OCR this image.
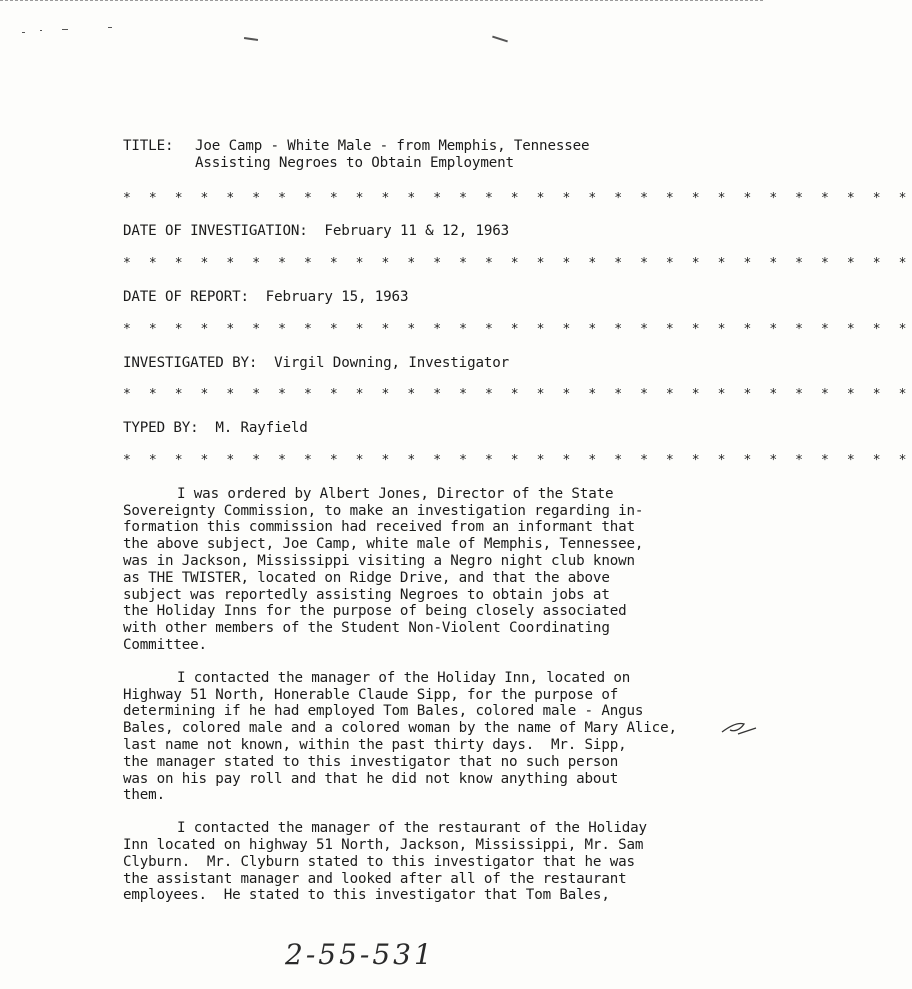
TITLE:	Joe Camp - White Male - from Memphis, Tennessee
Assisting Negroes to Obtain Employment
* * * * * * * * * * * * * * * * * * * * * * * * * * * * * * *
DATE OF INVESTIGATION: February 11 & 12, 1963
* * * * * * * * * * * * * * * * * * * * * * * * * * * * * * *
DATE OF REPORT: February 15, 1963
* * * * * * * * * * * * * * * * * * * * * * * * * * * * * * *
INVESTIGATED BY: Virgil Downing, Investigator
* * * * * * * * * * * * * * * * * * * * * * * * * * * * * * *
TYPED BY: M. Rayfield
* * * * * * * * * * * * * * * * * * * * * * * * * * * * * * *
I was ordered by Albert Jones, Director of the State
Sovereignty Commission, to make an investigation regarding in-
formation this commission had received from an informant that
the above subject, Joe Camp, white male of Memphis, Tennessee,
was in Jackson, Mississippi visiting a Negro night club known
as THE TWISTER, located on Ridge Drive, and that the above
subject was reportedly assisting Negroes to obtain jobs at
the Holiday Inns for the purpose of being closely associated
with other members of the Student Non-Violent Coordinating
Committee.
I contacted the manager of the Holiday Inn, located on
Highway 51 North, Honerable Claude Sipp, for the purpose of
determining if he had employed Tom Bales, colored male - Angus
Bales, colored male and a colored woman by the name of Mary Alice,
last name not known, within the past thirty days.  Mr. Sipp,
the manager stated to this investigator that no such person
was on his pay roll and that he did not know anything about
them.
I contacted the manager of the restaurant of the Holiday
Inn located on highway 51 North, Jackson, Mississippi, Mr. Sam
Clyburn.  Mr. Clyburn stated to this investigator that he was
the assistant manager and looked after all of the restaurant
employees.  He stated to this investigator that Tom Bales,
2-55-531
